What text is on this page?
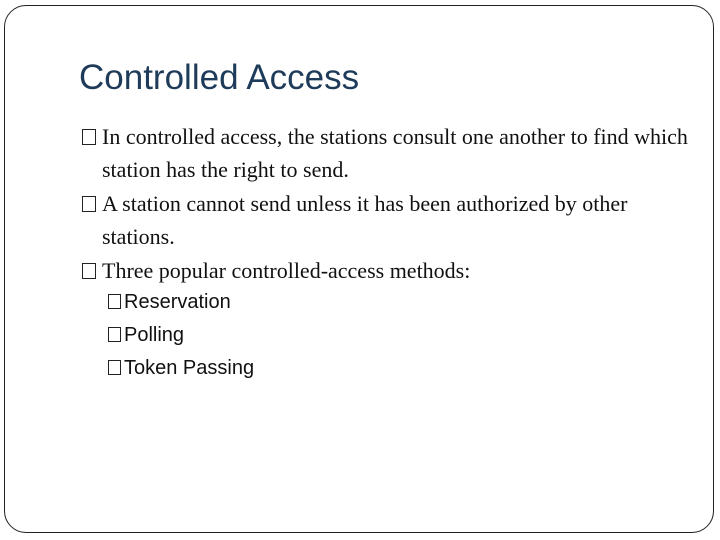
Controlled Access
In controlled access, the stations consult one another to find which station has the right to send.
A station cannot send unless it has been authorized by other stations.
Three popular controlled-access methods:
Reservation
Polling
Token Passing
